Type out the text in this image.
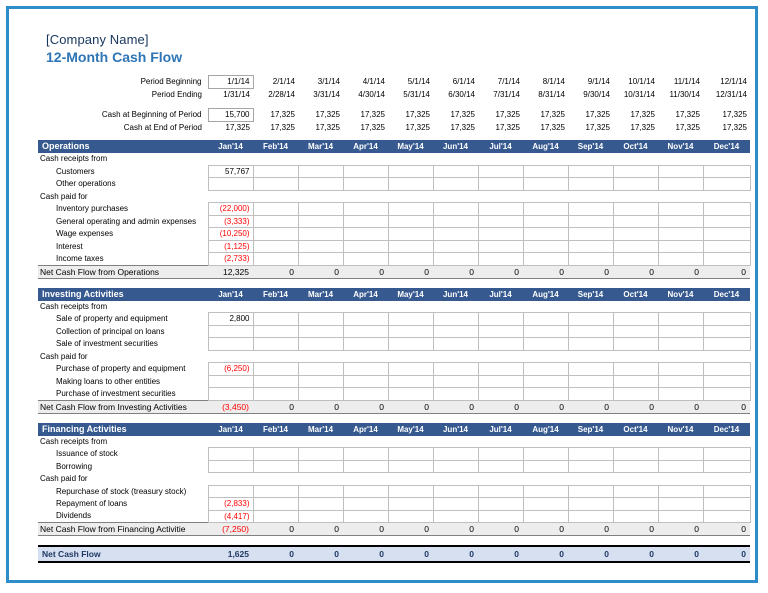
[Company Name]
12-Month Cash Flow
Period Beginning	1/1/14	2/1/14	3/1/14	4/1/14	5/1/14	6/1/14	7/1/14	8/1/14	9/1/14	10/1/14	11/1/14	12/1/14
Period Ending	1/31/14	2/28/14	3/31/14	4/30/14	5/31/14	6/30/14	7/31/14	8/31/14	9/30/14	10/31/14	11/30/14	12/31/14

Cash at Beginning of Period	15,700	17,325	17,325	17,325	17,325	17,325	17,325	17,325	17,325	17,325	17,325	17,325
Cash at End of Period	17,325	17,325	17,325	17,325	17,325	17,325	17,325	17,325	17,325	17,325	17,325	17,325
Operations	Jan'14	Feb'14	Mar'14	Apr'14	May'14	Jun'14	Jul'14	Aug'14	Sep'14	Oct'14	Nov'14	Dec'14
Cash receipts from												
Customers	57,767											
Other operations												
Cash paid for												
Inventory purchases	(22,000)											
General operating and admin expenses	(3,333)											
Wage expenses	(10,250)											
Interest	(1,125)											
Income taxes	(2,733)											
Net Cash Flow from Operations	12,325	0	0	0	0	0	0	0	0	0	0	0

Investing Activities	Jan'14	Feb'14	Mar'14	Apr'14	May'14	Jun'14	Jul'14	Aug'14	Sep'14	Oct'14	Nov'14	Dec'14
Cash receipts from												
Sale of property and equipment	2,800											
Collection of principal on loans												
Sale of investment securities												
Cash paid for												
Purchase of property and equipment	(6,250)											
Making loans to other entities												
Purchase of investment securities												
Net Cash Flow from Investing Activities	(3,450)	0	0	0	0	0	0	0	0	0	0	0

Financing Activities	Jan'14	Feb'14	Mar'14	Apr'14	May'14	Jun'14	Jul'14	Aug'14	Sep'14	Oct'14	Nov'14	Dec'14
Cash receipts from												
Issuance of stock												
Borrowing												
Cash paid for												
Repurchase of stock (treasury stock)												
Repayment of loans	(2,833)											
Dividends	(4,417)											
Net Cash Flow from Financing Activitie	(7,250)	0	0	0	0	0	0	0	0	0	0	0

Net Cash Flow	1,625	0	0	0	0	0	0	0	0	0	0	0
